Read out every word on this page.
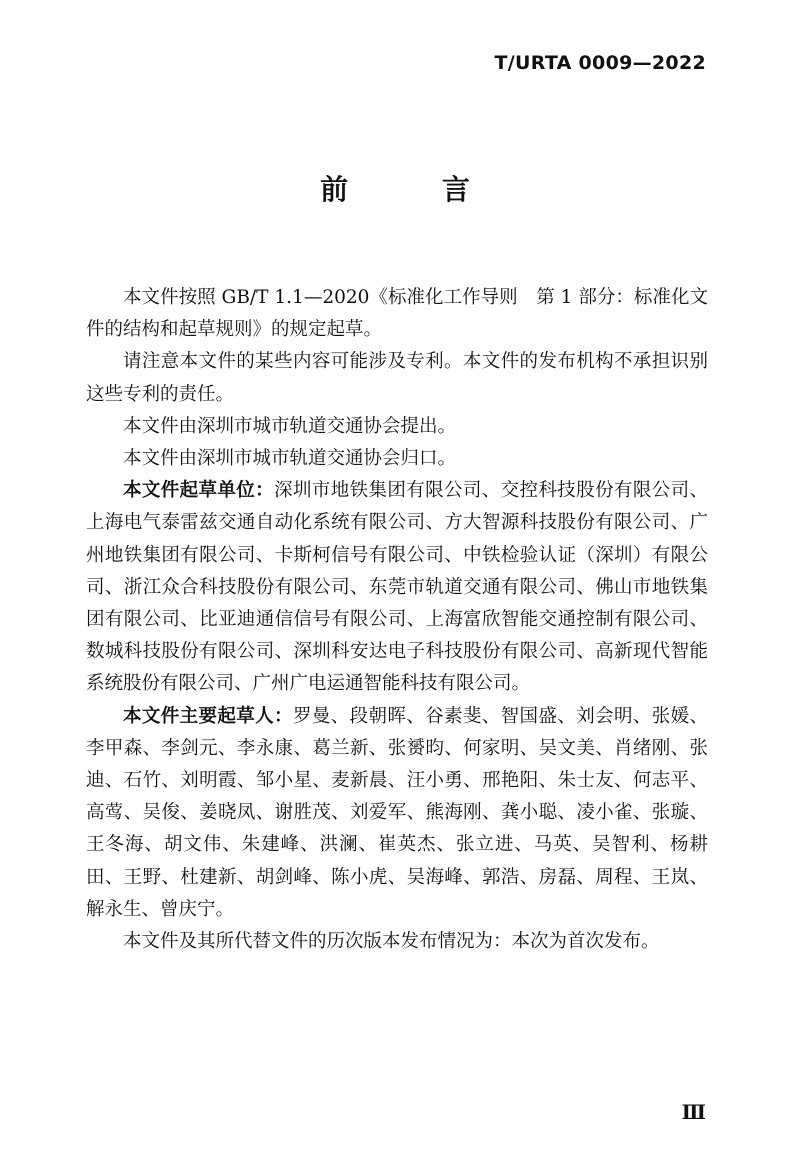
T/URTA 0009—2022
前 言

本文件按照 GB/T 1.1—2020《标准化工作导则　第 1 部分：标准化文件的结构和起草规则》的规定起草。

请注意本文件的某些内容可能涉及专利。本文件的发布机构不承担识别这些专利的责任。

本文件由深圳市城市轨道交通协会提出。

本文件由深圳市城市轨道交通协会归口。

本文件起草单位：深圳市地铁集团有限公司、交控科技股份有限公司、上海电气泰雷兹交通自动化系统有限公司、方大智源科技股份有限公司、广州地铁集团有限公司、卡斯柯信号有限公司、中铁检验认证（深圳）有限公司、浙江众合科技股份有限公司、东莞市轨道交通有限公司、佛山市地铁集团有限公司、比亚迪通信信号有限公司、上海富欣智能交通控制有限公司、数城科技股份有限公司、深圳科安达电子科技股份有限公司、高新现代智能系统股份有限公司、广州广电运通智能科技有限公司。

本文件主要起草人：罗曼、段朝晖、谷素斐、智国盛、刘会明、张媛、李甲森、李剑元、李永康、葛兰新、张赟昀、何家明、吴文美、肖绪刚、张迪、石竹、刘明霞、邹小星、麦新晨、汪小勇、邢艳阳、朱士友、何志平、高莺、吴俊、姜晓凤、谢胜茂、刘爱军、熊海刚、龚小聪、凌小雀、张璇、王冬海、胡文伟、朱建峰、洪澜、崔英杰、张立进、马英、吴智利、杨耕田、王野、杜建新、胡剑峰、陈小虎、吴海峰、郭浩、房磊、周程、王岚、解永生、曾庆宁。

本文件及其所代替文件的历次版本发布情况为：本次为首次发布。

Ⅲ
